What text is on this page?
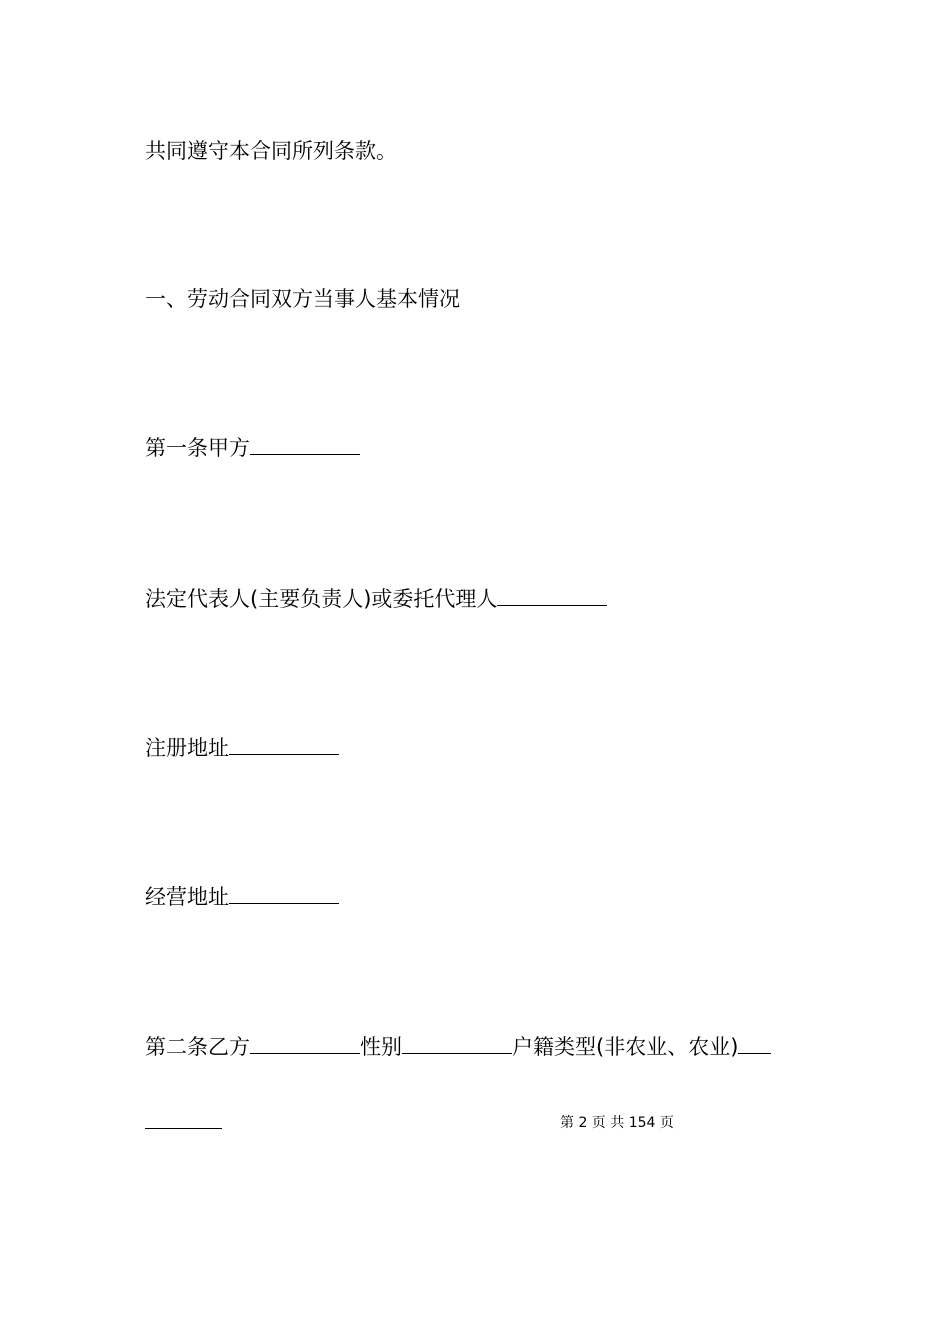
共同遵守本合同所列条款。
一、劳动合同双方当事人基本情况
第一条甲方
法定代表人(主要负责人)或委托代理人
注册地址
经营地址
第二条乙方	性别	户籍类型(非农业、农业)
第 2 页 共 154 页
